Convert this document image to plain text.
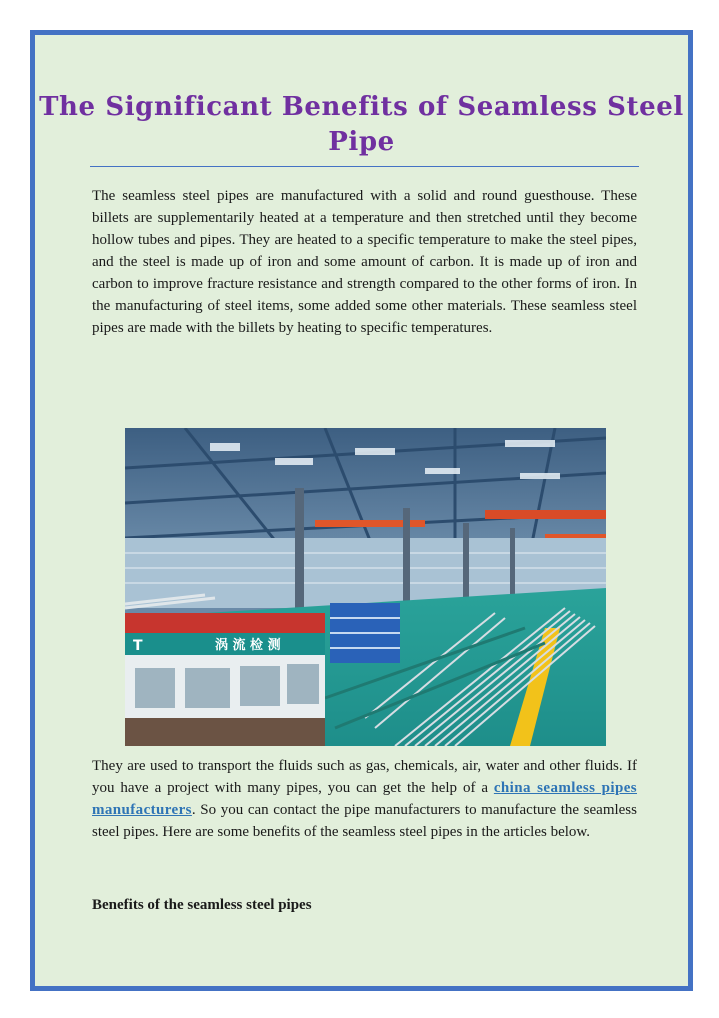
The Significant Benefits of Seamless Steel Pipe

The seamless steel pipes are manufactured with a solid and round guesthouse. These billets are supplementarily heated at a temperature and then stretched until they become hollow tubes and pipes. They are heated to a specific temperature to make the steel pipes, and the steel is made up of iron and some amount of carbon. It is made up of iron and carbon to improve fracture resistance and strength compared to the other forms of iron. In the manufacturing of steel items, some added some other materials. These seamless steel pipes are made with the billets by heating to specific temperatures.

T	涡 流 检 测

They are used to transport the fluids such as gas, chemicals, air, water and other fluids. If you have a project with many pipes, you can get the help of a china seamless pipes manufacturers. So you can contact the pipe manufacturers to manufacture the seamless steel pipes. Here are some benefits of the seamless steel pipes in the articles below.

Benefits of the seamless steel pipes
